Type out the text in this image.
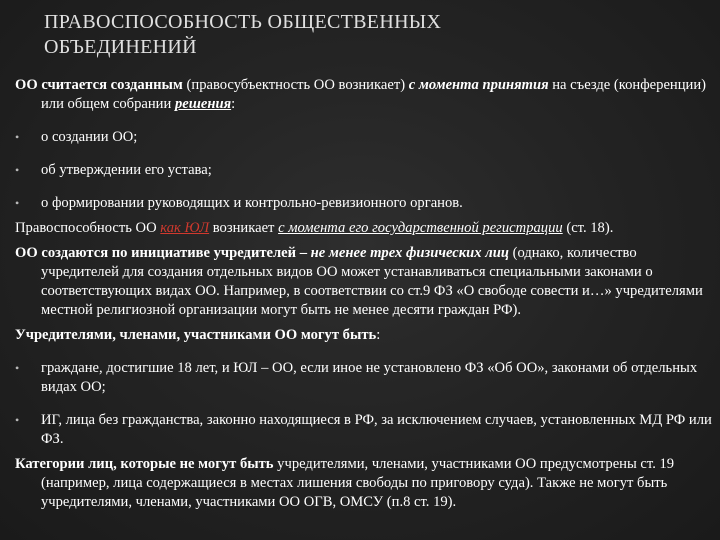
ПРАВОСПОСОБНОСТЬ ОБЩЕСТВЕННЫХ
ОБЪЕДИНЕНИЙ
ОО считается созданным (правосубъектность ОО возникает) с момента принятия на съезде (конференции) или общем собрании решения:
• о создании ОО;
• об утверждении его устава;
• о формировании руководящих и контрольно-ревизионного органов.
Правоспособность ОО как ЮЛ возникает с момента его государственной регистрации (ст. 18).
ОО создаются по инициативе учредителей – не менее трех физических лиц (однако, количество учредителей для создания отдельных видов ОО может устанавливаться специальными законами о соответствующих видах ОО. Например, в соответствии со ст.9 ФЗ «О свободе совести и…» учредителями местной религиозной организации могут быть не менее десяти граждан РФ).
Учредителями, членами, участниками ОО могут быть:
• граждане, достигшие 18 лет, и ЮЛ – ОО, если иное не установлено ФЗ «Об ОО», законами об отдельных видах ОО;
• ИГ, лица без гражданства, законно находящиеся в РФ, за исключением случаев, установленных МД РФ или ФЗ.
Категории лиц, которые не могут быть учредителями, членами, участниками ОО предусмотрены ст. 19 (например, лица содержащиеся в местах лишения свободы по приговору суда). Также не могут быть учредителями, членами, участниками ОО ОГВ, ОМСУ (п.8 ст. 19).
